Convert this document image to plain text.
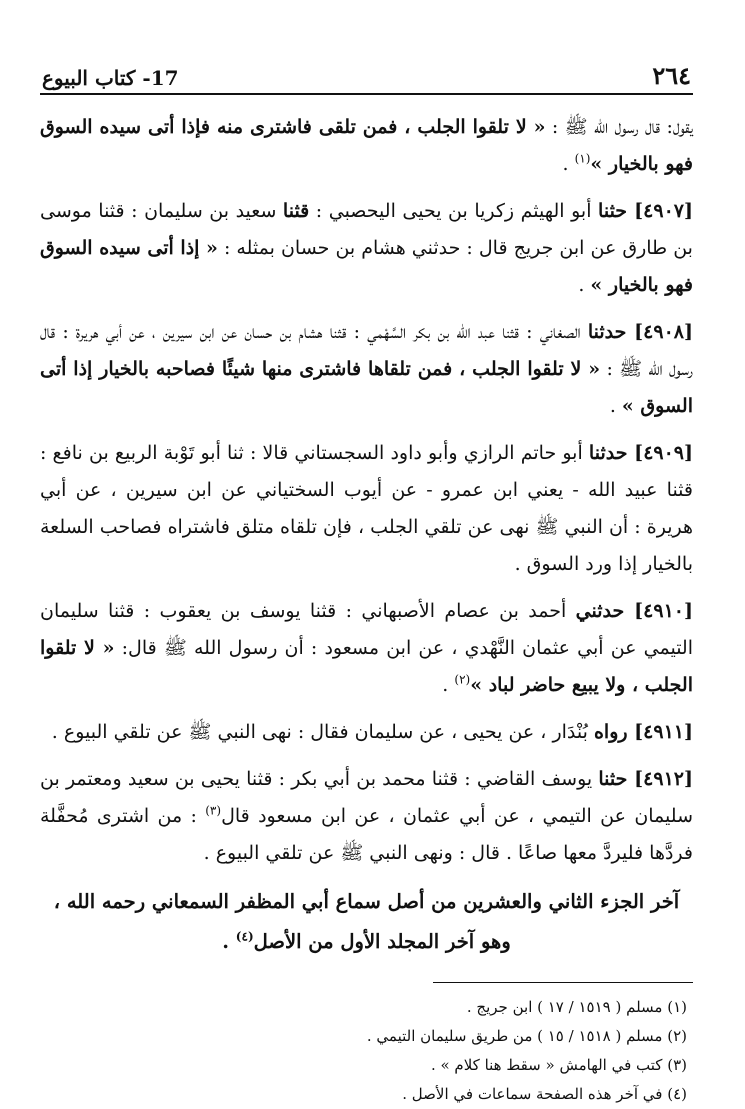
٢٦٤
17- كتاب البيوع

يقول: قال رسول الله ﷺ : « لا تلقوا الجلب ، فمن تلقى فاشترى منه فإذا أتى سيده السوق فهو بالخيار »$^{(١)}$ .

[٤٩٠٧] حثنا أبو الهيثم زكريا بن يحيى اليحصبي : قثنا سعيد بن سليمان : قثنا موسى بن طارق عن ابن جريج قال : حدثني هشام بن حسان بمثله : « إذا أتى سيده السوق فهو بالخيار » .

[٤٩٠٨] حدثنا الصغاني : قثنا عبد الله بن بكر السَّهْمي : قثنا هشام بن حسان عن ابن سيرين ، عن أبي هريرة : قال رسول الله ﷺ : « لا تلقوا الجلب ، فمن تلقاها فاشترى منها شيئًا فصاحبه بالخيار إذا أتى السوق » .

[٤٩٠٩] حدثنا أبو حاتم الرازي وأبو داود السجستاني قالا : ثنا أبو تَوْبة الربيع بن نافع : قثنا عبيد الله - يعني ابن عمرو - عن أيوب السختياني عن ابن سيرين ، عن أبي هريرة : أن النبي ﷺ نهى عن تلقي الجلب ، فإن تلقاه متلق فاشتراه فصاحب السلعة بالخيار إذا ورد السوق .

[٤٩١٠] حدثني أحمد بن عصام الأصبهاني : قثنا يوسف بن يعقوب : قثنا سليمان التيمي عن أبي عثمان النَّهْدي ، عن ابن مسعود : أن رسول الله ﷺ قال: « لا تلقوا الجلب ، ولا يبيع حاضر لباد »$^{(٢)}$ .

[٤٩١١] رواه بُنْدَار ، عن يحيى ، عن سليمان فقال : نهى النبي ﷺ عن تلقي البيوع .

[٤٩١٢] حثنا يوسف القاضي : قثنا محمد بن أبي بكر : قثنا يحيى بن سعيد ومعتمر بن سليمان عن التيمي ، عن أبي عثمان ، عن ابن مسعود قال$^{(٣)}$ : من اشترى مُحفَّلة فردَّها فليردَّ معها صاعًا . قال : ونهى النبي ﷺ عن تلقي البيوع .

آخر الجزء الثاني والعشرين من أصل سماع أبي المظفر السمعاني رحمه الله ، وهو آخر المجلد الأول من الأصل$^{(٤)}$ .

(١) مسلم ( ١٥١٩ / ١٧ ) ابن جريج .
(٢) مسلم ( ١٥١٨ / ١٥ ) من طريق سليمان التيمي .
(٣) كتب في الهامش « سقط هنا كلام » .
(٤) في آخر هذه الصفحة سماعات في الأصل .
